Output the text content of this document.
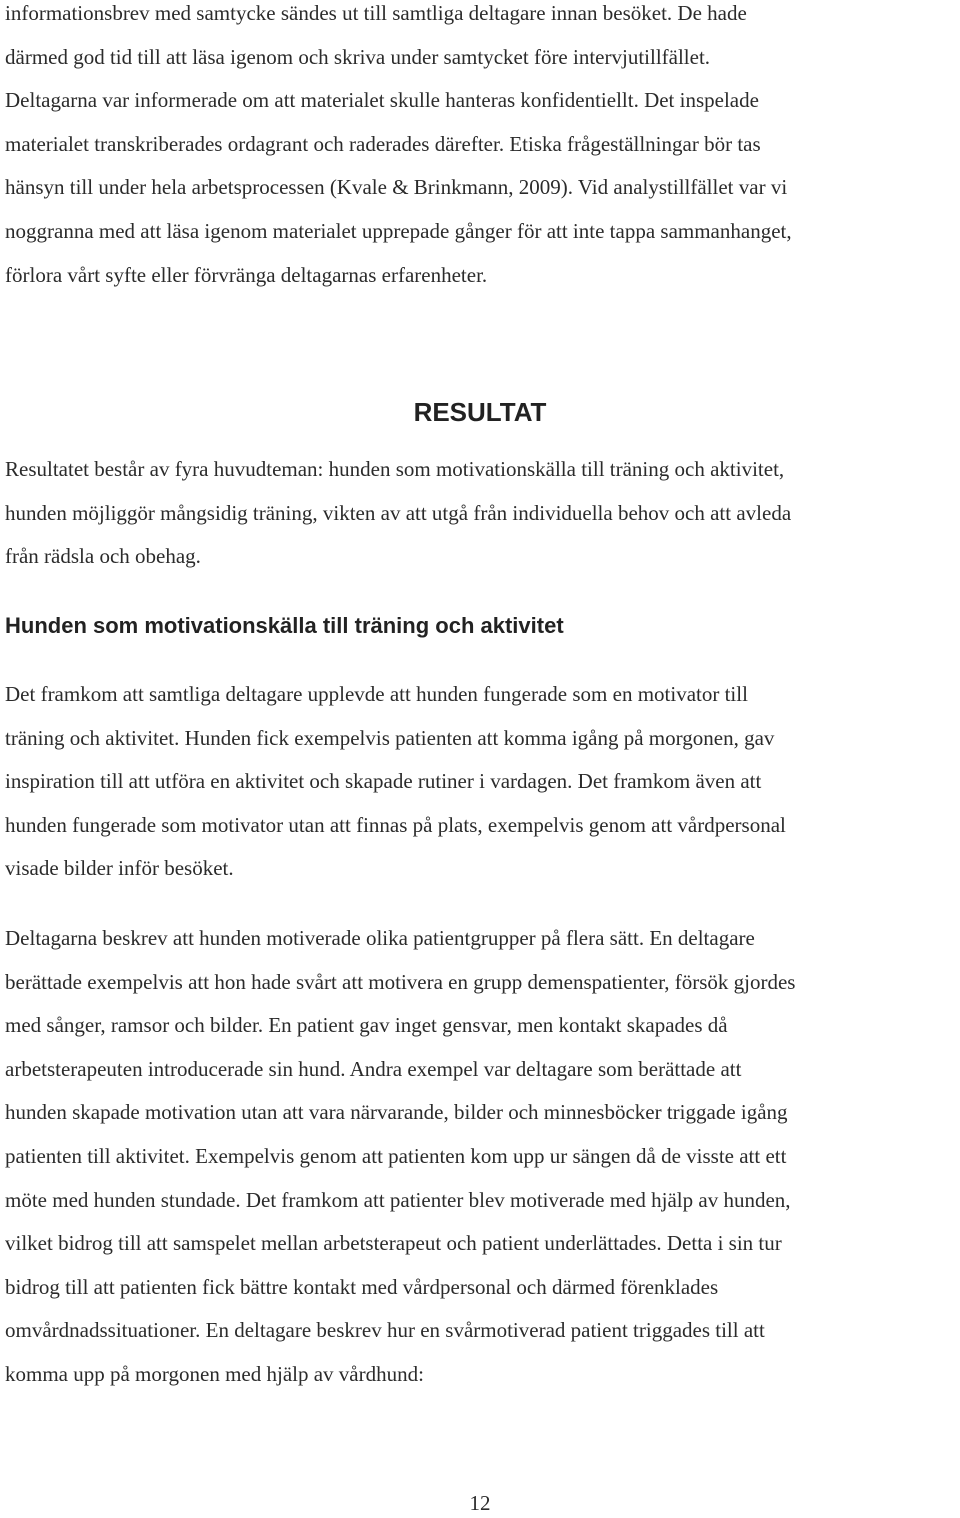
informationsbrev med samtycke sändes ut till samtliga deltagare innan besöket. De hade
därmed god tid till att läsa igenom och skriva under samtycket före intervjutillfället.
Deltagarna var informerade om att materialet skulle hanteras konfidentiellt. Det inspelade
materialet transkriberades ordagrant och raderades därefter. Etiska frågeställningar bör tas
hänsyn till under hela arbetsprocessen (Kvale & Brinkmann, 2009). Vid analystillfället var vi
noggranna med att läsa igenom materialet upprepade gånger för att inte tappa sammanhanget,
förlora vårt syfte eller förvränga deltagarnas erfarenheter.
RESULTAT
Resultatet består av fyra huvudteman: hunden som motivationskälla till träning och aktivitet,
hunden möjliggör mångsidig träning, vikten av att utgå från individuella behov och att avleda
från rädsla och obehag.
Hunden som motivationskälla till träning och aktivitet
Det framkom att samtliga deltagare upplevde att hunden fungerade som en motivator till
träning och aktivitet. Hunden fick exempelvis patienten att komma igång på morgonen, gav
inspiration till att utföra en aktivitet och skapade rutiner i vardagen. Det framkom även att
hunden fungerade som motivator utan att finnas på plats, exempelvis genom att vårdpersonal
visade bilder inför besöket.
Deltagarna beskrev att hunden motiverade olika patientgrupper på flera sätt. En deltagare
berättade exempelvis att hon hade svårt att motivera en grupp demenspatienter, försök gjordes
med sånger, ramsor och bilder. En patient gav inget gensvar, men kontakt skapades då
arbetsterapeuten introducerade sin hund. Andra exempel var deltagare som berättade att
hunden skapade motivation utan att vara närvarande, bilder och minnesböcker triggade igång
patienten till aktivitet. Exempelvis genom att patienten kom upp ur sängen då de visste att ett
möte med hunden stundade. Det framkom att patienter blev motiverade med hjälp av hunden,
vilket bidrog till att samspelet mellan arbetsterapeut och patient underlättades. Detta i sin tur
bidrog till att patienten fick bättre kontakt med vårdpersonal och därmed förenklades
omvårdnadssituationer. En deltagare beskrev hur en svårmotiverad patient triggades till att
komma upp på morgonen med hjälp av vårdhund:

12
